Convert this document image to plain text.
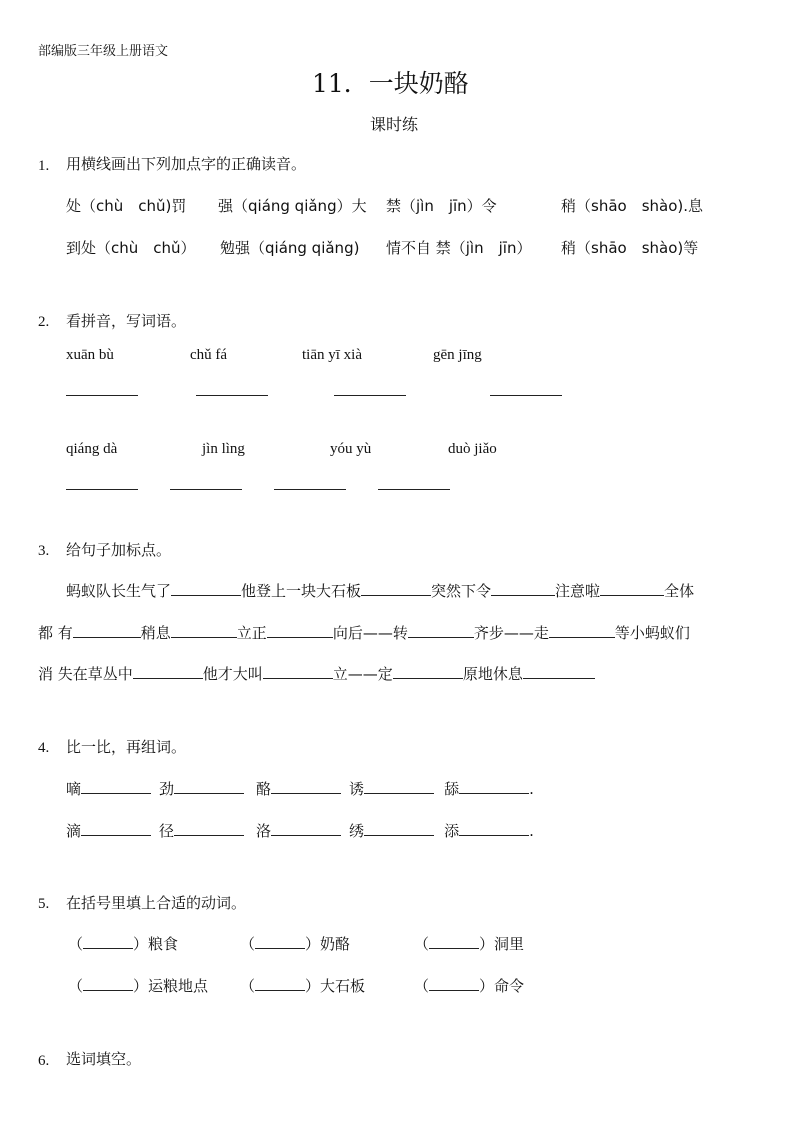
部编版三年级上册语文
11．一块奶酪
课时练
1. 用横线画出下列加点字的正确读音。
处（chù　chǔ)罚 强（qiáng qiǎng）大 禁（jìn　jīn）令	稍（shāo　shào).息
到处（chù　chǔ） 勉强（qiáng qiǎng) 情不自 禁（jìn　jīn） 稍（shāo　shào)等
2. 看拼音，写词语。
xuān bù	chǔ fá	tiān yī xià	gēn jīng
qiáng dà	jìn lìng	yóu yù	duò jiǎo
3. 给句子加标点。
蚂蚁队长生气了	他登上一块大石板	突然下令	注意啦	全体
都 有	稍息	立正	向后——转	齐步——走	等小蚂蚁们
消 失在草丛中	他才大叫	立——定	原地休息
4. 比一比，再组词。
嘀	劲	酪	诱	舔	.
滴	径	洛	绣	添	.
5. 在括号里填上合适的动词。
（	）粮食	（	）奶酪	（	）洞里
（	）运粮地点 （	）大石板	（	）命令
6. 选词填空。
